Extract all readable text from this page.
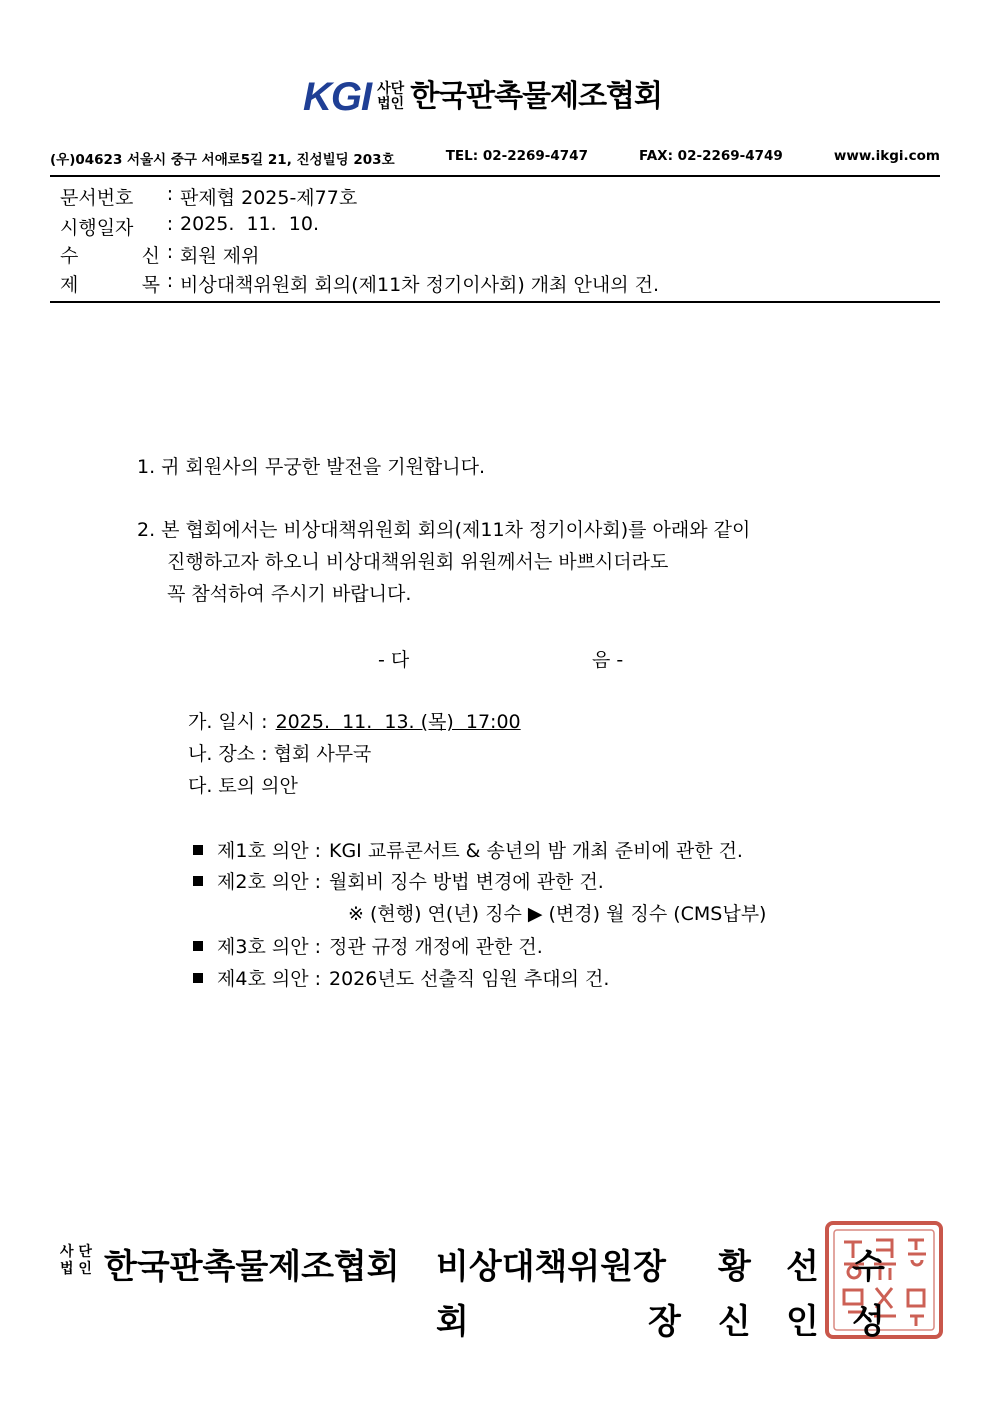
KGI 사단
법인 한국판촉물제조협회
(우)04623 서울시 중구 서애로5길 21, 진성빌딩 203호	TEL: 02-2269-4747	FAX: 02-2269-4749	www.ikgi.com
문서번호	: 판제협 2025-제77호
시행일자	: 2025.  11.  10.
수	신 : 회원 제위
제	목 : 비상대책위원회 회의(제11차 정기이사회) 개최 안내의 건.
1. 귀 회원사의 무궁한 발전을 기원합니다.
2. 본 협회에서는 비상대책위원회 회의(제11차 정기이사회)를 아래와 같이
진행하고자 하오니 비상대책위원회 위원께서는 바쁘시더라도
꼭 참석하여 주시기 바랍니다.
- 다	음 -
가. 일시 : 2025.  11.  13. (목)  17:00
나. 장소 : 협회 사무국
다. 토의 의안
제1호 의안 : KGI 교류콘서트 & 송년의 밤 개최 준비에 관한 건.
제2호 의안 : 월회비 징수 방법 변경에 관한 건.
※ (현행) 연(년) 징수 ▶ (변경) 월 징수 (CMS납부)
제3호 의안 : 정관 규정 개정에 관한 건.
제4호 의안 : 2026년도 선출직 임원 추대의 건.
사 단
법 인 한국판촉물제조협회 비상대책위원장 황 선 수
회	장 신 인 성
